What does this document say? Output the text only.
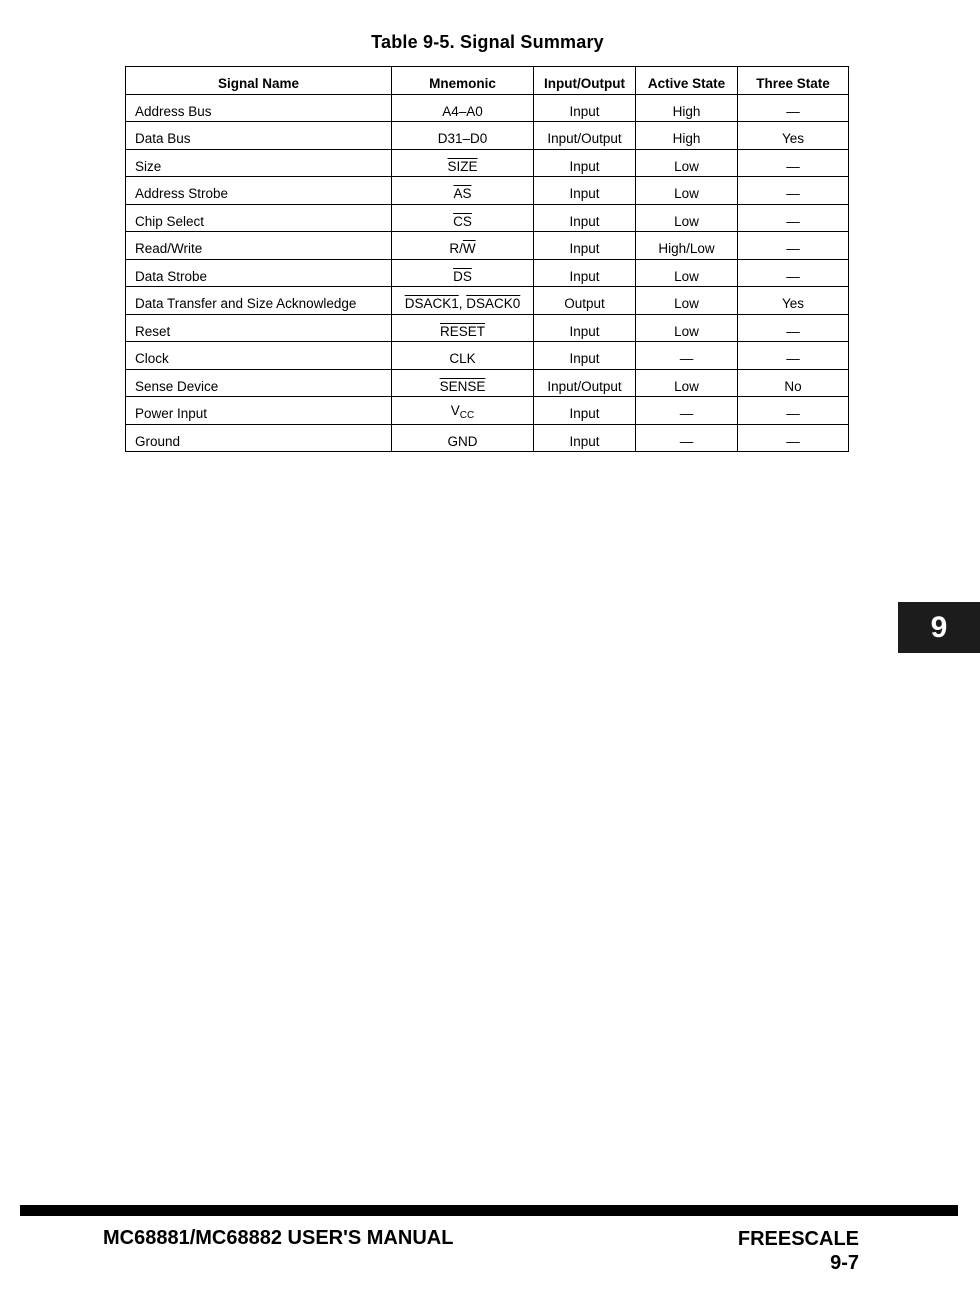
Table 9-5. Signal Summary
Signal Name	Mnemonic	Input/Output	Active State	Three State
Address Bus	A4–A0	Input	High	—
Data Bus	D31–D0	Input/Output	High	Yes
Size	SIZE	Input	Low	—
Address Strobe	$\overline{AS}$	Input	Low	—
Chip Select	$\overline{CS}$	Input	Low	—
Read/Write	$R/\overline{W}$	Input	High/Low	—
Data Strobe	$\overline{DS}$	Input	Low	—
Data Transfer and Size Acknowledge	DSACK1, DSACK0	Output	Low	Yes
Reset	RESET	Input	Low	—
Clock	CLK	Input	—	—
Sense Device	SENSE	Input/Output	Low	No
Power Input	$V_{CC}$	Input	—	—
Ground	GND	Input	—	—
9
MC68881/MC68882 USER'S MANUAL	FREESCALE
9-7
